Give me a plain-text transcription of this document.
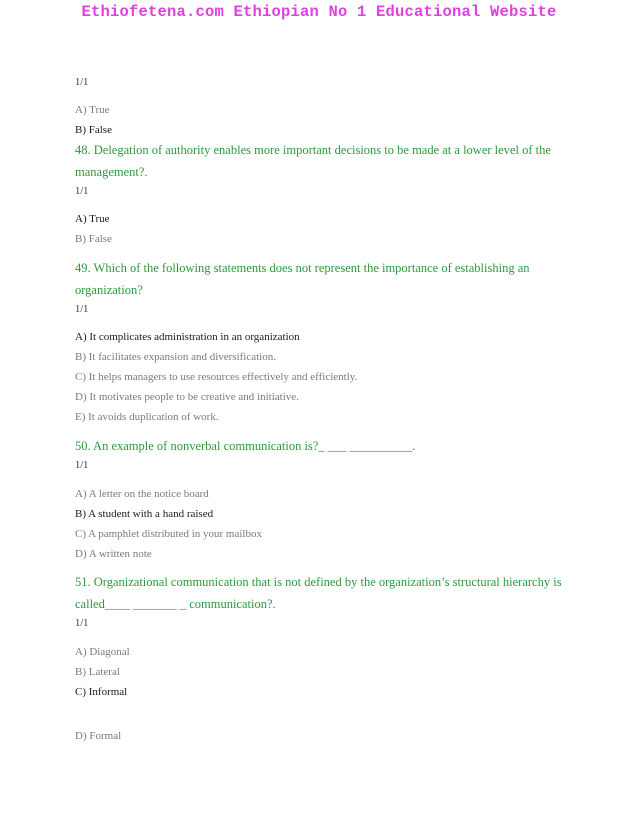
Ethiofetena.com Ethiopian No 1 Educational Website
1/1
A) True
B) False
48. Delegation of authority enables more important decisions to be made at a lower level of the management?.
1/1
A) True
B) False
49. Which of the following statements does not represent the importance of establishing an organization?
1/1
A) It complicates administration in an organization
B) It facilitates expansion and diversification.
C) It helps managers to use resources effectively and efficiently.
D) It motivates people to be creative and initiative.
E) It avoids duplication of work.
50. An example of nonverbal communication is?_ ___ __________.
1/1
A) A letter on the notice board
B) A student with a hand raised
C) A pamphlet distributed in your mailbox
D) A written note
51. Organizational communication that is not defined by the organization’s structural hierarchy is called____ _______ _ communication?.
1/1
A) Diagonal
B) Lateral
C) Informal
D) Formal
